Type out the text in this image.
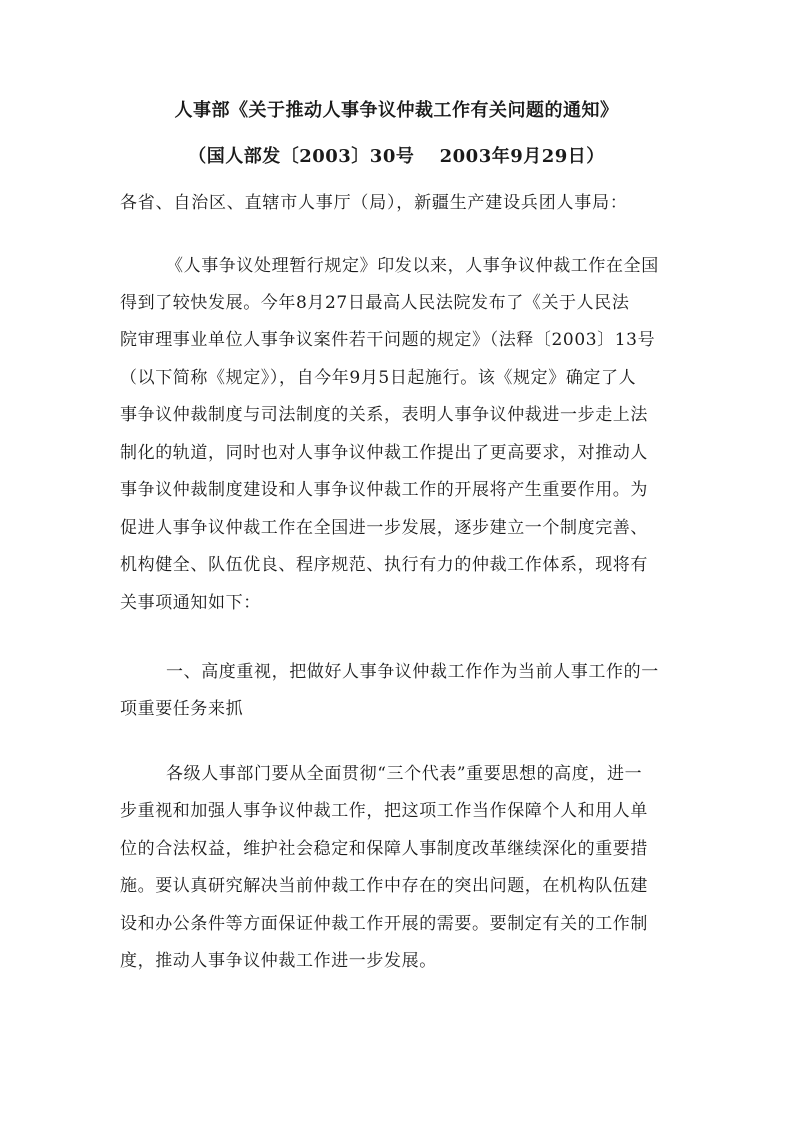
人事部《关于推动人事争议仲裁工作有关问题的通知》
（国人部发〔2003〕30号　 2003年9月29日）
各省、自治区、直辖市人事厅（局），新疆生产建设兵团人事局：
《人事争议处理暂行规定》印发以来，人事争议仲裁工作在全国
得到了较快发展。今年8月27日最高人民法院发布了《关于人民法
院审理事业单位人事争议案件若干问题的规定》（法释〔2003〕13号
（以下简称《规定》），自今年9月5日起施行。该《规定》确定了人
事争议仲裁制度与司法制度的关系，表明人事争议仲裁进一步走上法
制化的轨道，同时也对人事争议仲裁工作提出了更高要求，对推动人
事争议仲裁制度建设和人事争议仲裁工作的开展将产生重要作用。为
促进人事争议仲裁工作在全国进一步发展，逐步建立一个制度完善、
机构健全、队伍优良、程序规范、执行有力的仲裁工作体系，现将有
关事项通知如下：
一、高度重视，把做好人事争议仲裁工作作为当前人事工作的一
项重要任务来抓
各级人事部门要从全面贯彻“三个代表”重要思想的高度，进一
步重视和加强人事争议仲裁工作，把这项工作当作保障个人和用人单
位的合法权益，维护社会稳定和保障人事制度改革继续深化的重要措
施。要认真研究解决当前仲裁工作中存在的突出问题，在机构队伍建
设和办公条件等方面保证仲裁工作开展的需要。要制定有关的工作制
度，推动人事争议仲裁工作进一步发展。
